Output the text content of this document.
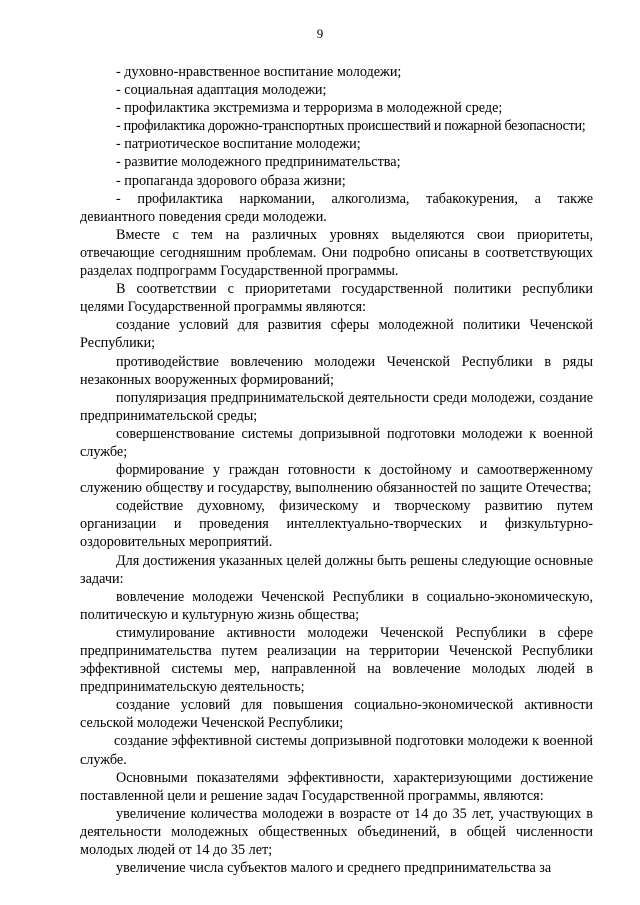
9

- духовно-нравственное воспитание молодежи;

- социальная адаптация молодежи;

- профилактика экстремизма и терроризма в молодежной среде;

- профилактика дорожно-транспортных происшествий и пожарной безопасности;

- патриотическое воспитание молодежи;

- развитие молодежного предпринимательства;

- пропаганда здорового образа жизни;

- профилактика наркомании, алкоголизма, табакокурения, а также девиантного поведения среди молодежи.

Вместе с тем на различных уровнях выделяются свои приоритеты, отвечающие сегодняшним проблемам. Они подробно описаны в соответствующих разделах подпрограмм Государственной программы.

В соответствии с приоритетами государственной политики республики целями Государственной программы являются:

создание условий для развития сферы молодежной политики Чеченской Республики;

противодействие вовлечению молодежи Чеченской Республики в ряды незаконных вооруженных формирований;

популяризация предпринимательской деятельности среди молодежи, создание предпринимательской среды;

совершенствование системы допризывной подготовки молодежи к военной службе;

формирование у граждан готовности к достойному и самоотверженному служению обществу и государству, выполнению обязанностей по защите Отечества;

содействие духовному, физическому и творческому развитию путем организации и проведения интеллектуально-творческих и физкультурно-оздоровительных мероприятий.

Для достижения указанных целей должны быть решены следующие основные задачи:

вовлечение молодежи Чеченской Республики в социально-экономическую, политическую и культурную жизнь общества;

стимулирование активности молодежи Чеченской Республики в сфере предпринимательства путем реализации на территории Чеченской Республики эффективной системы мер, направленной на вовлечение молодых людей в предпринимательскую деятельность;

создание условий для повышения социально-экономической активности сельской молодежи Чеченской Республики;

создание эффективной системы допризывной подготовки молодежи к военной службе.

Основными показателями эффективности, характеризующими достижение поставленной цели и решение задач Государственной программы, являются:

увеличение количества молодежи в возрасте от 14 до 35 лет, участвующих в деятельности молодежных общественных объединений, в общей численности молодых людей от 14 до 35 лет;

увеличение числа субъектов малого и среднего предпринимательства за
